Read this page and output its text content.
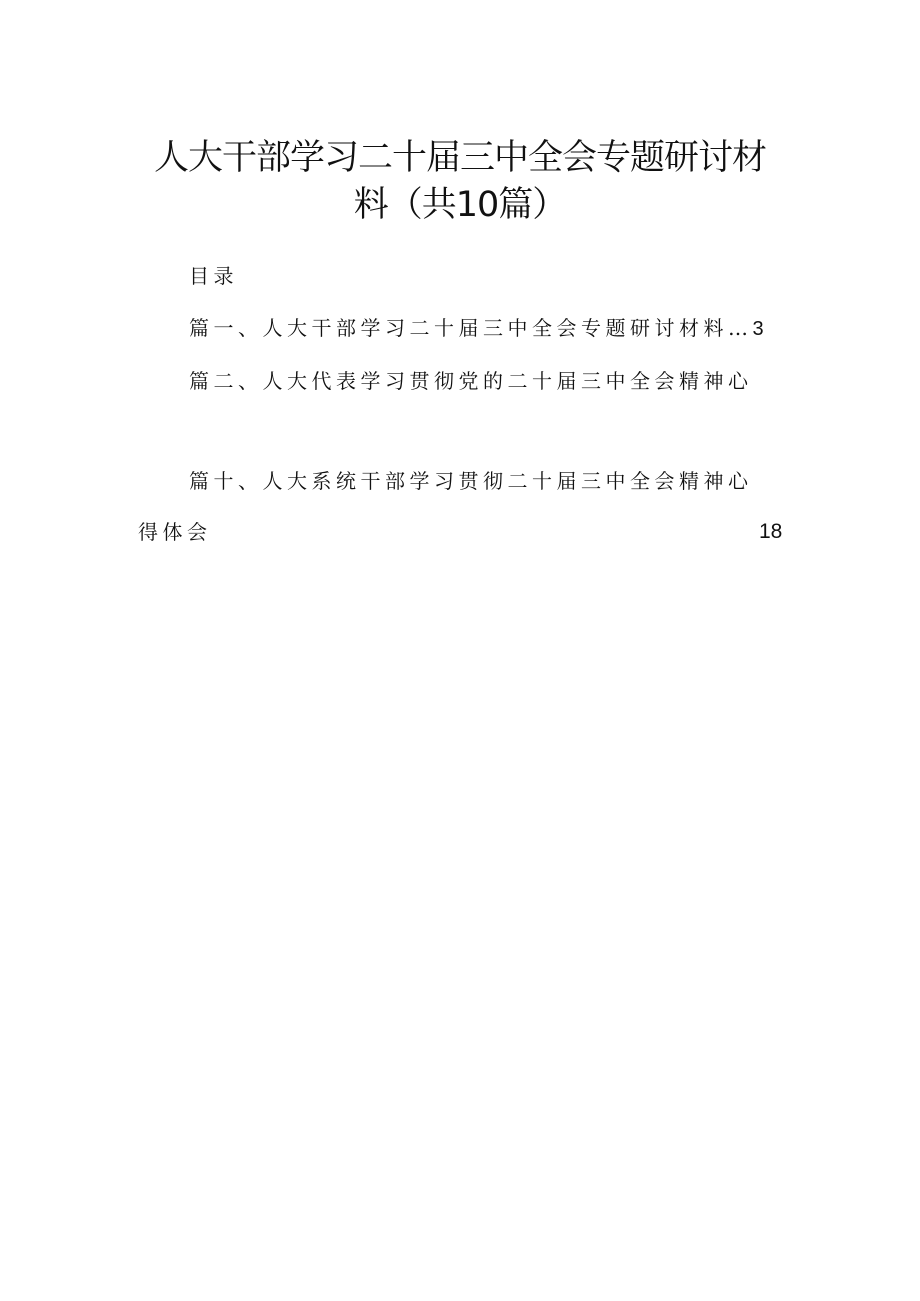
人大干部学习二十届三中全会专题研讨材
料（共10篇）
目录
篇一、人大干部学习二十届三中全会专题研讨材料…3
篇二、人大代表学习贯彻党的二十届三中全会精神心
篇十、人大系统干部学习贯彻二十届三中全会精神心
得体会	18
